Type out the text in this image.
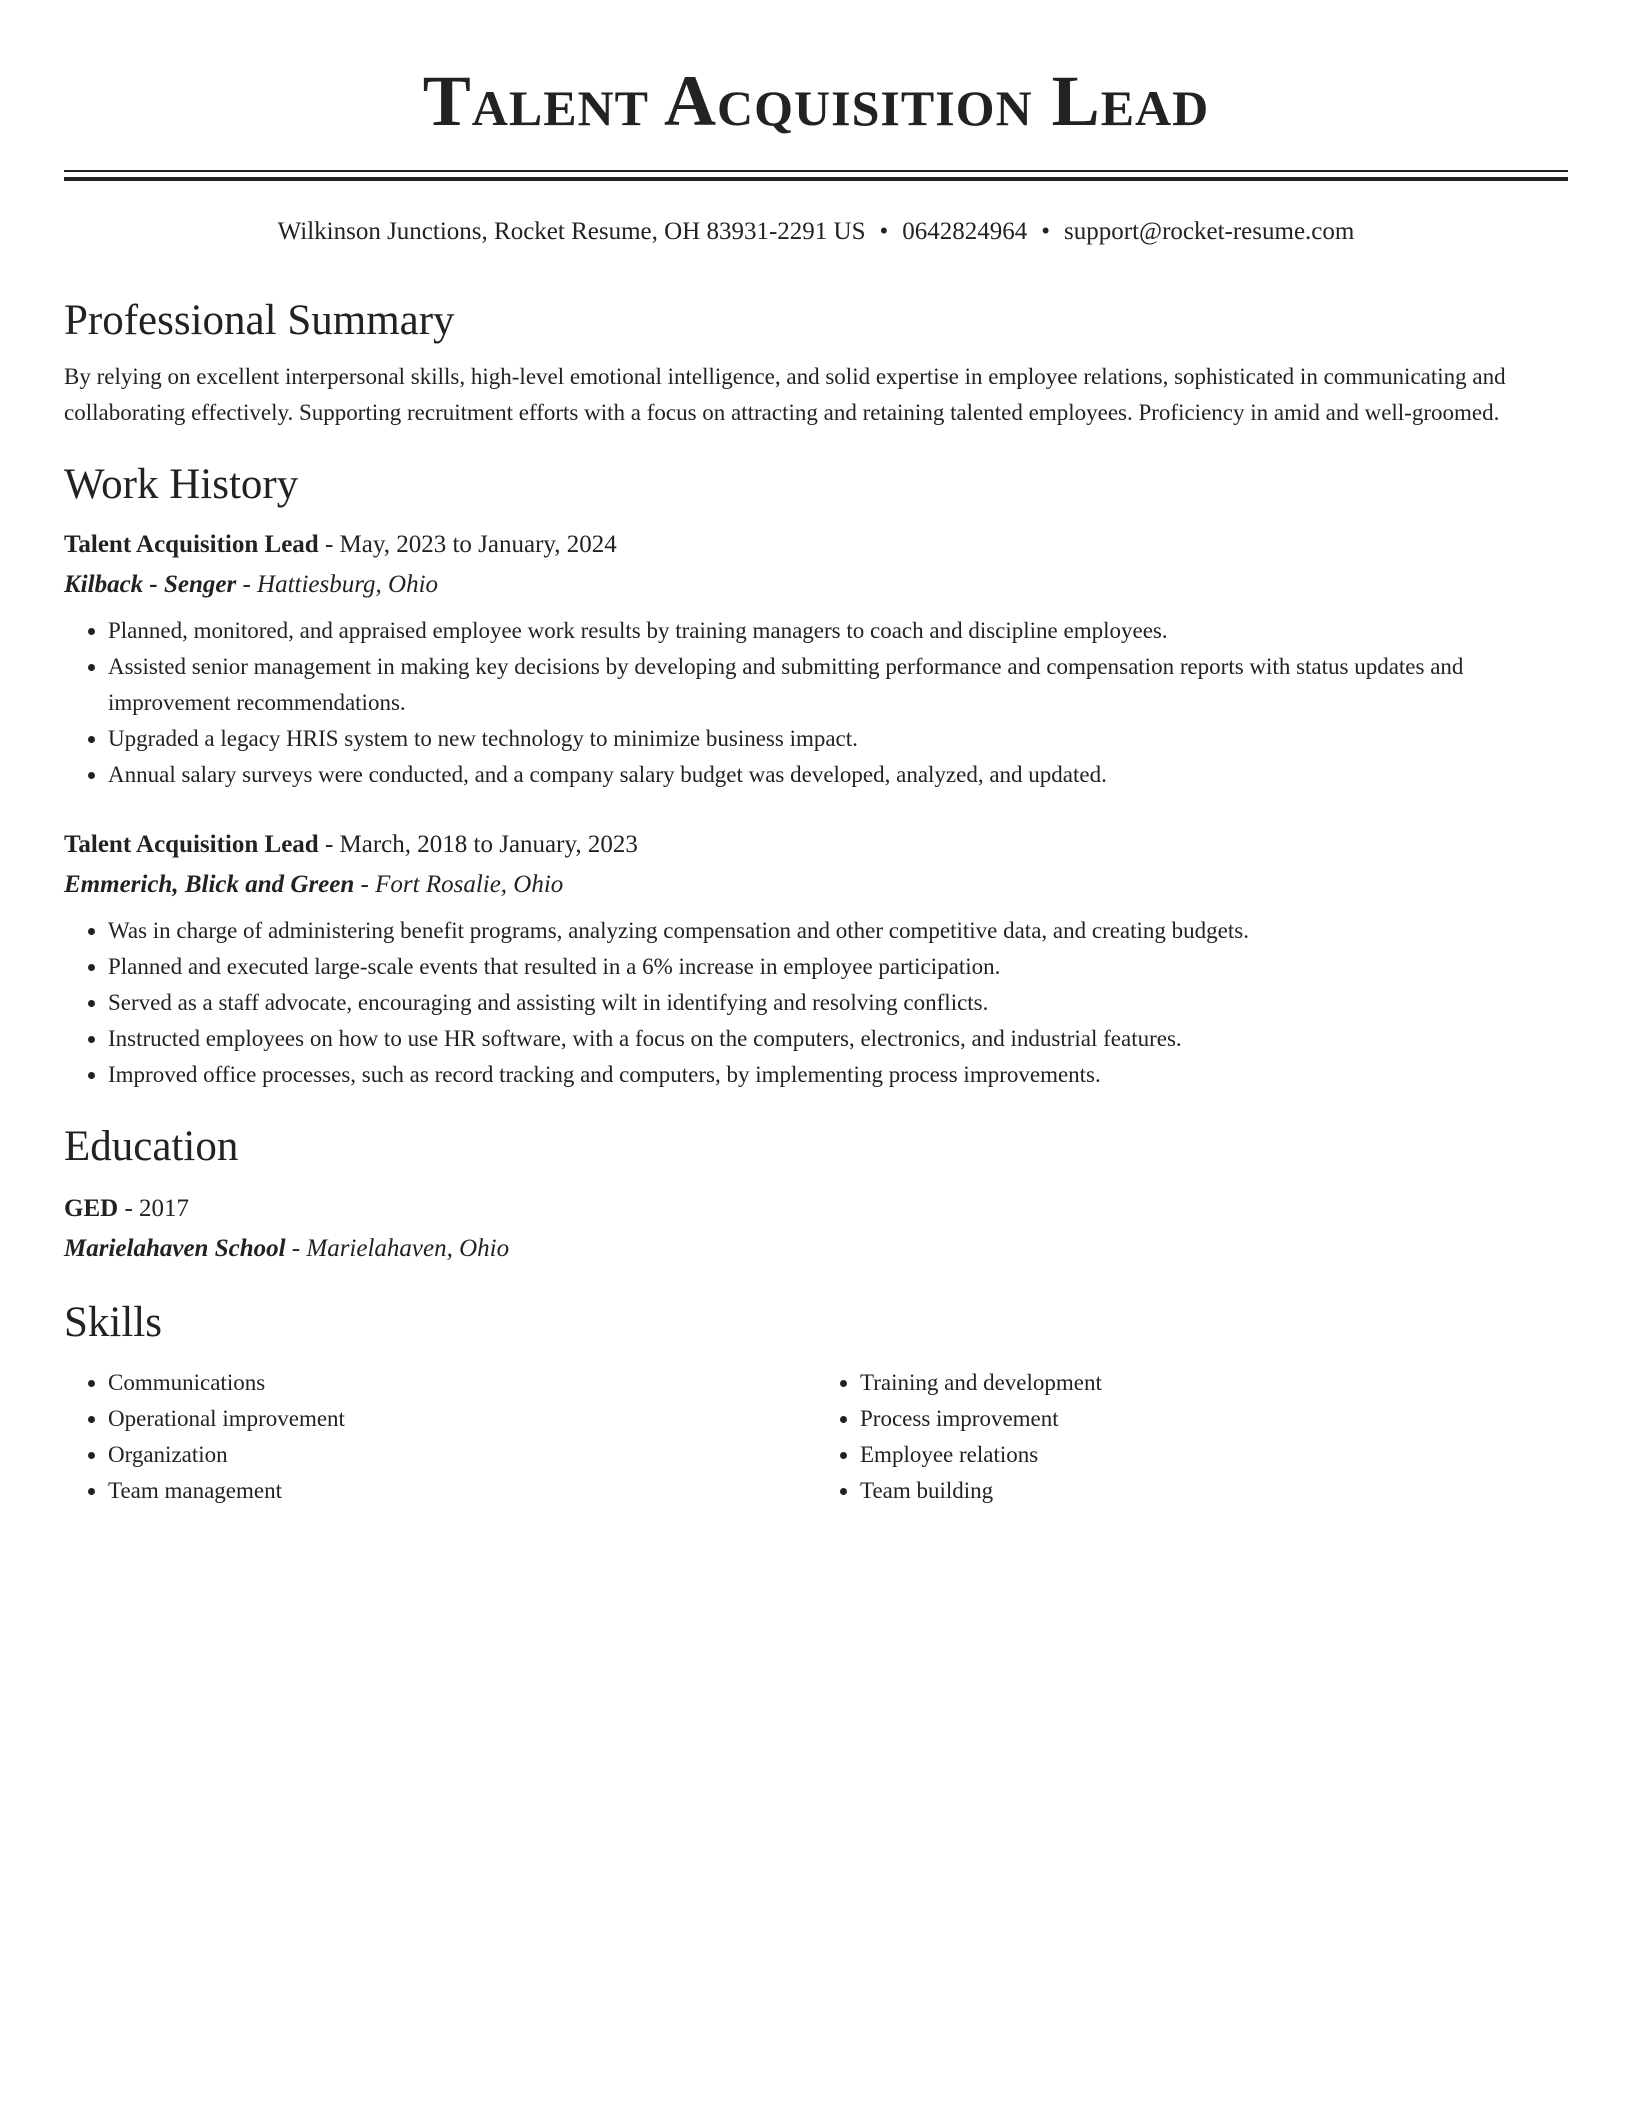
Talent Acquisition Lead
Wilkinson Junctions, Rocket Resume, OH 83931-2291 US • 0642824964 • support@rocket-resume.com
Professional Summary

By relying on excellent interpersonal skills, high-level emotional intelligence, and solid expertise in employee relations, sophisticated in communicating and collaborating effectively. Supporting recruitment efforts with a focus on attracting and retaining talented employees. Proficiency in amid and well-groomed.

Work History

Talent Acquisition Lead - May, 2023 to January, 2024

Kilback - Senger - Hattiesburg, Ohio

• Planned, monitored, and appraised employee work results by training managers to coach and discipline employees.
• Assisted senior management in making key decisions by developing and submitting performance and compensation reports with status updates and improvement recommendations.
• Upgraded a legacy HRIS system to new technology to minimize business impact.
• Annual salary surveys were conducted, and a company salary budget was developed, analyzed, and updated.

Talent Acquisition Lead - March, 2018 to January, 2023

Emmerich, Blick and Green - Fort Rosalie, Ohio

• Was in charge of administering benefit programs, analyzing compensation and other competitive data, and creating budgets.
• Planned and executed large-scale events that resulted in a 6% increase in employee participation.
• Served as a staff advocate, encouraging and assisting wilt in identifying and resolving conflicts.
• Instructed employees on how to use HR software, with a focus on the computers, electronics, and industrial features.
• Improved office processes, such as record tracking and computers, by implementing process improvements.
Education

GED - 2017

Marielahaven School - Marielahaven, Ohio

Skills
• Communications
• Operational improvement
• Organization
• Team management
• Training and development
• Process improvement
• Employee relations
• Team building
